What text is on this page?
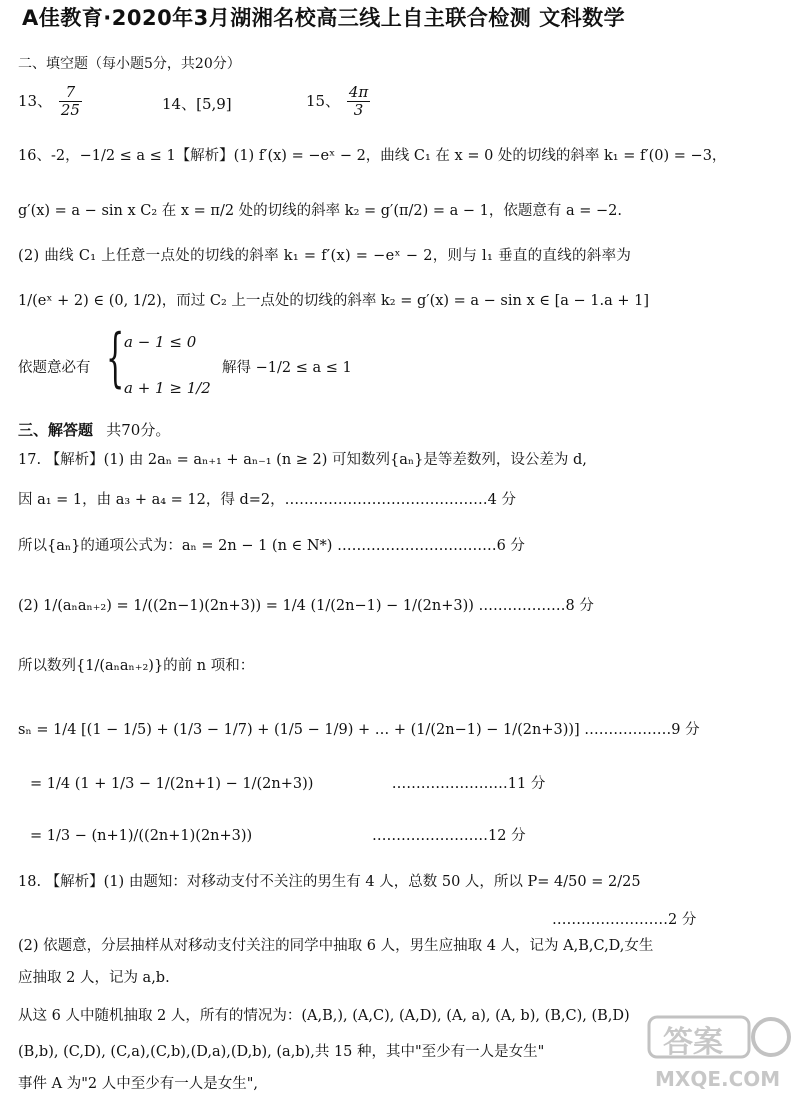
A佳教育·2020年3月湖湘名校高三线上自主联合检测 文科数学
二、填空题（每小题5分，共20分）
13、 $\frac{7}{25}$	14、[5,9]	15、 $\frac{4\pi}{3}$
16、-2，−1/2 ≤ a ≤ 1【解析】(1) f′(x) = −eˣ − 2，曲线 C₁ 在 x = 0 处的切线的斜率 k₁ = f′(0) = −3，
g′(x) = a − sin x C₂ 在 x = π/2 处的切线的斜率 k₂ = g′(π/2) = a − 1，依题意有 a = −2.
(2) 曲线 C₁ 上任意一点处的切线的斜率 k₁ = f′(x) = −eˣ − 2，则与 l₁ 垂直的直线的斜率为
1/(eˣ + 2) ∈ (0, 1/2)，而过 C₂ 上一点处的切线的斜率 k₂ = g′(x) = a − sin x ∈ [a − 1.a + 1]
依题意必有 { a − 1 ≤ 0
a + 1 ≥ 1/2
解得 −1/2 ≤ a ≤ 1
三、解答题 共70分。
17. 【解析】(1) 由 2aₙ = aₙ₊₁ + aₙ₋₁ (n ≥ 2) 可知数列{aₙ}是等差数列，设公差为 d,
因 a₁ = 1，由 a₃ + a₄ = 12，得 d=2，……………………………………4 分
所以{aₙ}的通项公式为：aₙ = 2n − 1 (n ∈ N*) ……………………………6 分
(2) 1/(aₙaₙ₊₂) = 1/((2n−1)(2n+3)) = 1/4 (1/(2n−1) − 1/(2n+3)) ………………8 分
所以数列{1/(aₙaₙ₊₂)}的前 n 项和：
sₙ = 1/4 [(1 − 1/5) + (1/3 − 1/7) + (1/5 − 1/9) + … + (1/(2n−1) − 1/(2n+3))] ………………9 分
= 1/4 (1 + 1/3 − 1/(2n+1) − 1/(2n+3))                 ……………………11 分
= 1/3 − (n+1)/((2n+1)(2n+3))                          ……………………12 分
18. 【解析】(1) 由题知：对移动支付不关注的男生有 4 人，总数 50 人，所以 P= 4/50 = 2/25
……………………2 分
(2) 依题意，分层抽样从对移动支付关注的同学中抽取 6 人，男生应抽取 4 人，记为 A,B,C,D,女生
应抽取 2 人，记为 a,b.
从这 6 人中随机抽取 2 人，所有的情况为：(A,B,), (A,C), (A,D), (A, a), (A, b), (B,C), (B,D)
(B,b), (C,D), (C,a),(C,b),(D,a),(D,b), (a,b),共 15 种，其中"至少有一人是女生"
事件 A 为"2 人中至少有一人是女生",
答案
MXQE.COM
